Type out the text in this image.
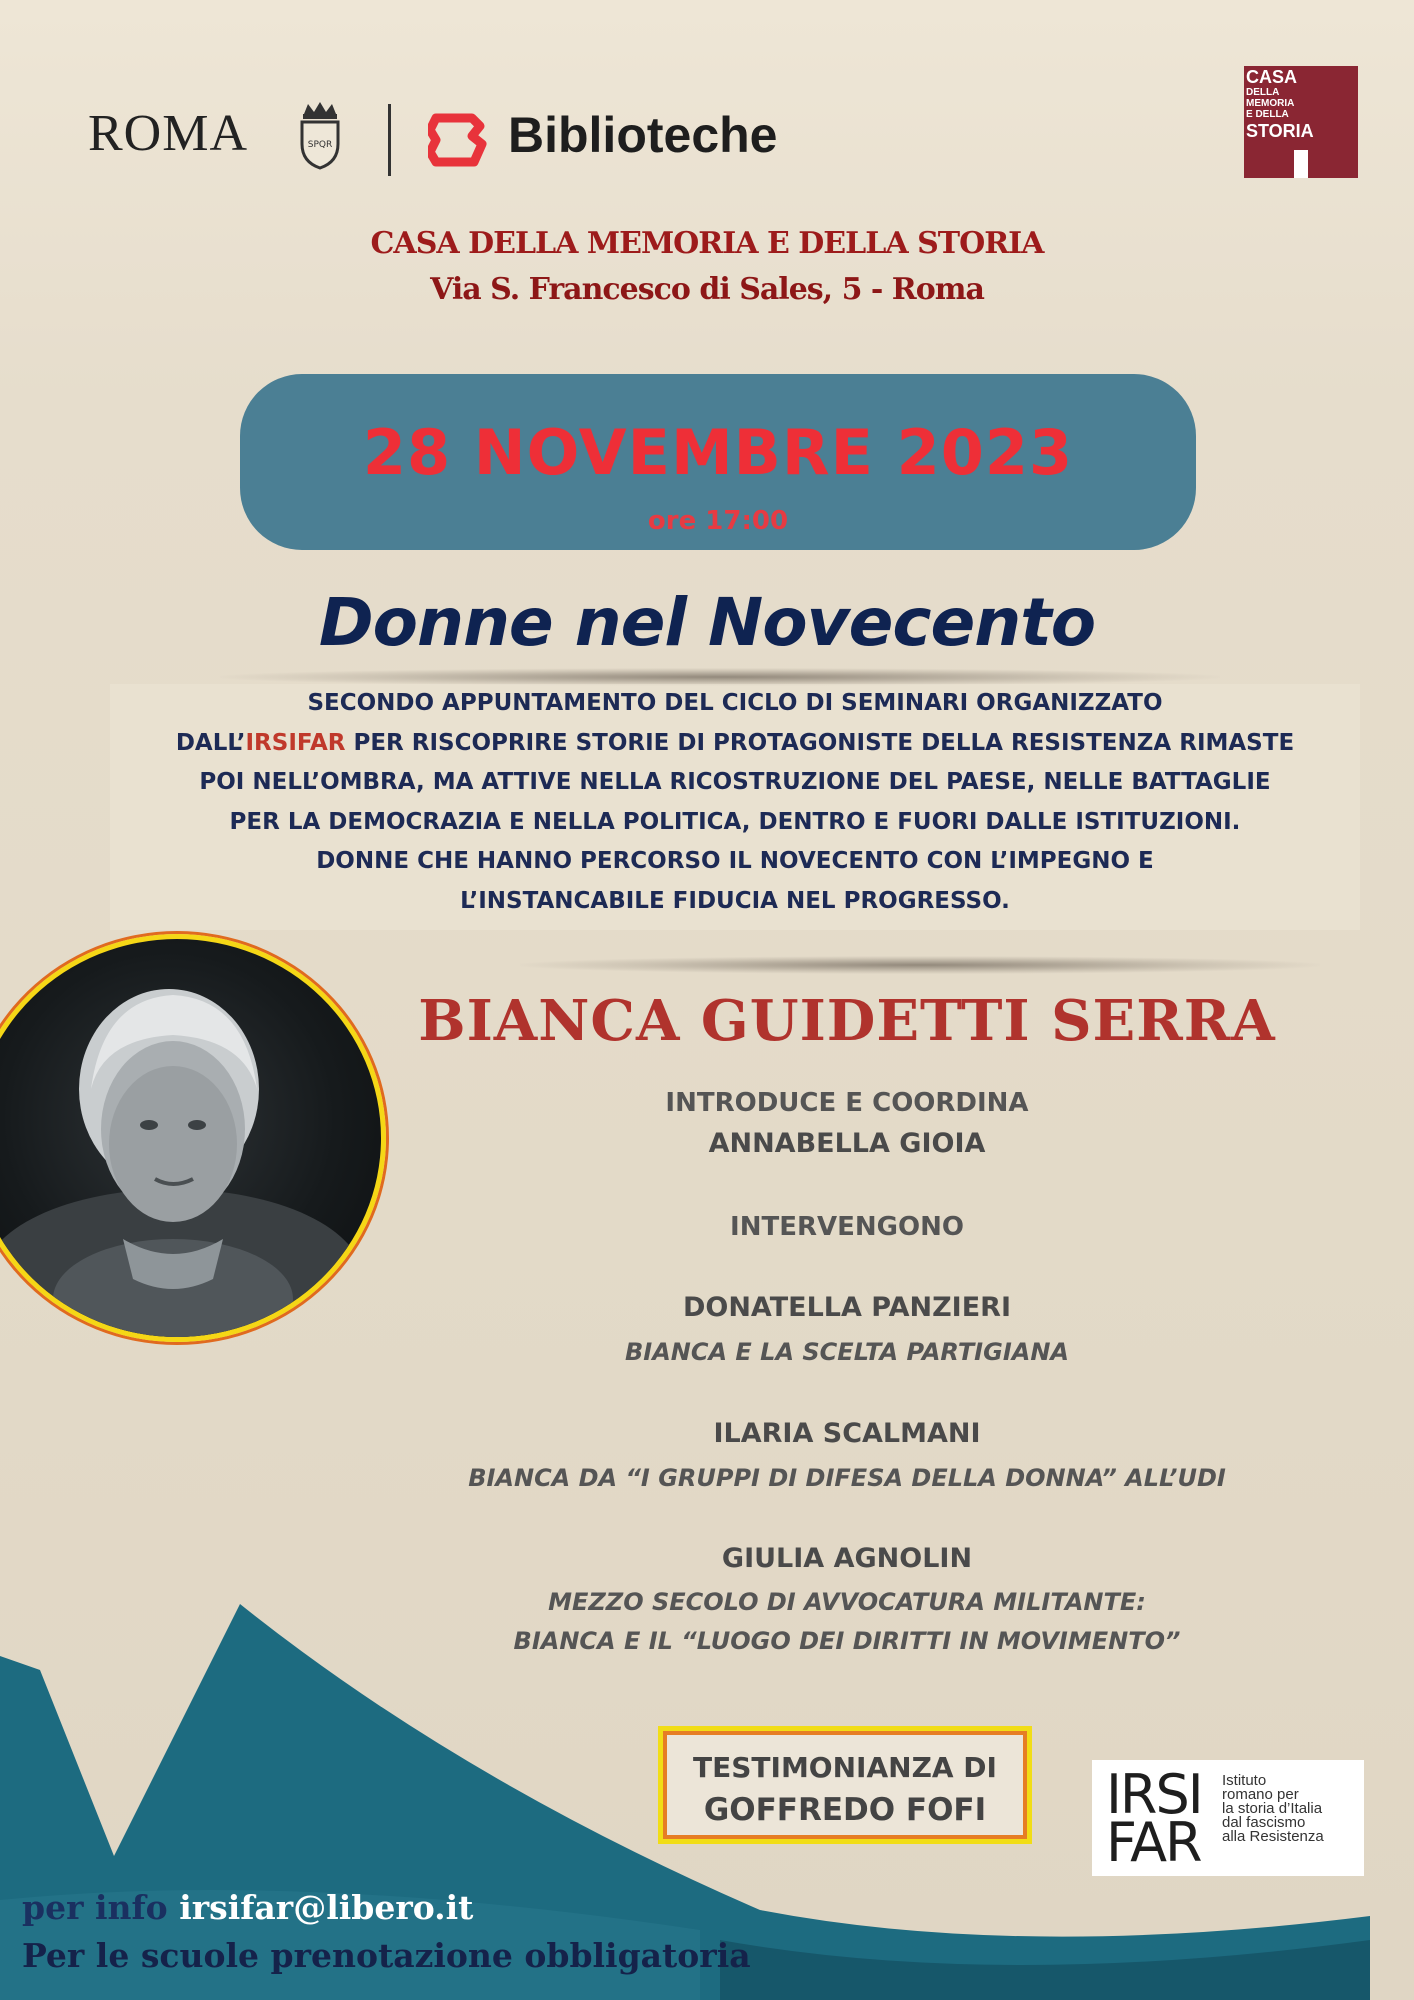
ROMA	SPQR	Biblioteche
CASA
DELLA
MEMORIA
E DELLA
STORIA
CASA DELLA MEMORIA E DELLA STORIA
Via S. Francesco di Sales, 5 - Roma
28 NOVEMBRE 2023
ore 17:00
Donne nel Novecento
SECONDO APPUNTAMENTO DEL CICLO DI SEMINARI ORGANIZZATO
DALL’IRSIFAR PER RISCOPRIRE STORIE DI PROTAGONISTE DELLA RESISTENZA RIMASTE
POI NELL’OMBRA, MA ATTIVE NELLA RICOSTRUZIONE DEL PAESE, NELLE BATTAGLIE
PER LA DEMOCRAZIA E NELLA POLITICA, DENTRO E FUORI DALLE ISTITUZIONI.
DONNE CHE HANNO PERCORSO IL NOVECENTO CON L’IMPEGNO E
L’INSTANCABILE FIDUCIA NEL PROGRESSO.
BIANCA GUIDETTI SERRA
INTRODUCE E COORDINA
ANNABELLA GIOIA
INTERVENGONO
DONATELLA PANZIERI
BIANCA E LA SCELTA PARTIGIANA
ILARIA SCALMANI
BIANCA DA “I GRUPPI DI DIFESA DELLA DONNA” ALL’UDI
GIULIA AGNOLIN
MEZZO SECOLO DI AVVOCATURA MILITANTE:
BIANCA E IL “LUOGO DEI DIRITTI IN MOVIMENTO”
TESTIMONIANZA DI
GOFFREDO FOFI	IRSI
FAR
Istituto
romano per
la storia d’Italia
dal fascismo
alla Resistenza
per info irsifar@libero.it
Per le scuole prenotazione obbligatoria
